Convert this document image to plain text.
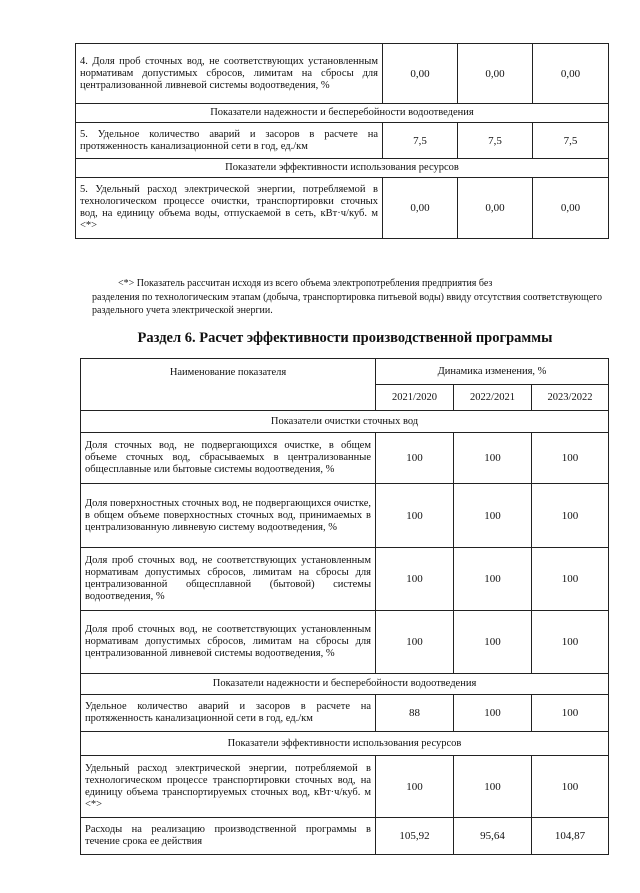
4. Доля проб сточных вод, не соответствующих установленным нормативам допустимых сбросов, лимитам на сбросы для централизованной ливневой системы водоотведения, %	0,00	0,00	0,00
Показатели надежности и бесперебойности водоотведения			
5. Удельное количество аварий и засоров в расчете на протяженность канализационной сети в год, ед./км	7,5	7,5	7,5
Показатели эффективности использования ресурсов			
5. Удельный расход электрической энергии, потребляемой в технологическом процессе очистки, транспортировки сточных вод, на единицу объема воды, отпускаемой в сеть, кВт·ч/куб. м <*>	0,00	0,00	0,00
<*> Показатель рассчитан исходя из всего объема электропотребления предприятия без
разделения по технологическим этапам (добыча, транспортировка питьевой воды) ввиду отсутствия соответствующего раздельного учета электрической энергии.
Раздел 6. Расчет эффективности производственной программы
Наименование показателя	Динамика изменения, %		
	2021/2020	2022/2021	2023/2022
Показатели очистки сточных вод			
Доля сточных вод, не подвергающихся очистке, в общем объеме сточных вод, сбрасываемых в централизованные общесплавные или бытовые системы водоотведения, %	100	100	100
Доля поверхностных сточных вод, не подвергающихся очистке, в общем объеме поверхностных сточных вод, принимаемых в централизованную ливневую систему водоотведения, %	100	100	100
Доля проб сточных вод, не соответствующих установленным нормативам допустимых сбросов, лимитам на сбросы для централизованной общесплавной (бытовой) системы водоотведения, %	100	100	100
Доля проб сточных вод, не соответствующих установленным нормативам допустимых сбросов, лимитам на сбросы для централизованной ливневой системы водоотведения, %	100	100	100
Показатели надежности и бесперебойности водоотведения			
Удельное количество аварий и засоров в расчете на протяженность канализационной сети в год, ед./км	88	100	100
Показатели эффективности использования ресурсов			
Удельный расход электрической энергии, потребляемой в технологическом процессе транспортировки сточных вод, на единицу объема транспортируемых сточных вод, кВт·ч/куб. м <*>	100	100	100
Расходы на реализацию производственной программы в течение срока ее действия	105,92	95,64	104,87
